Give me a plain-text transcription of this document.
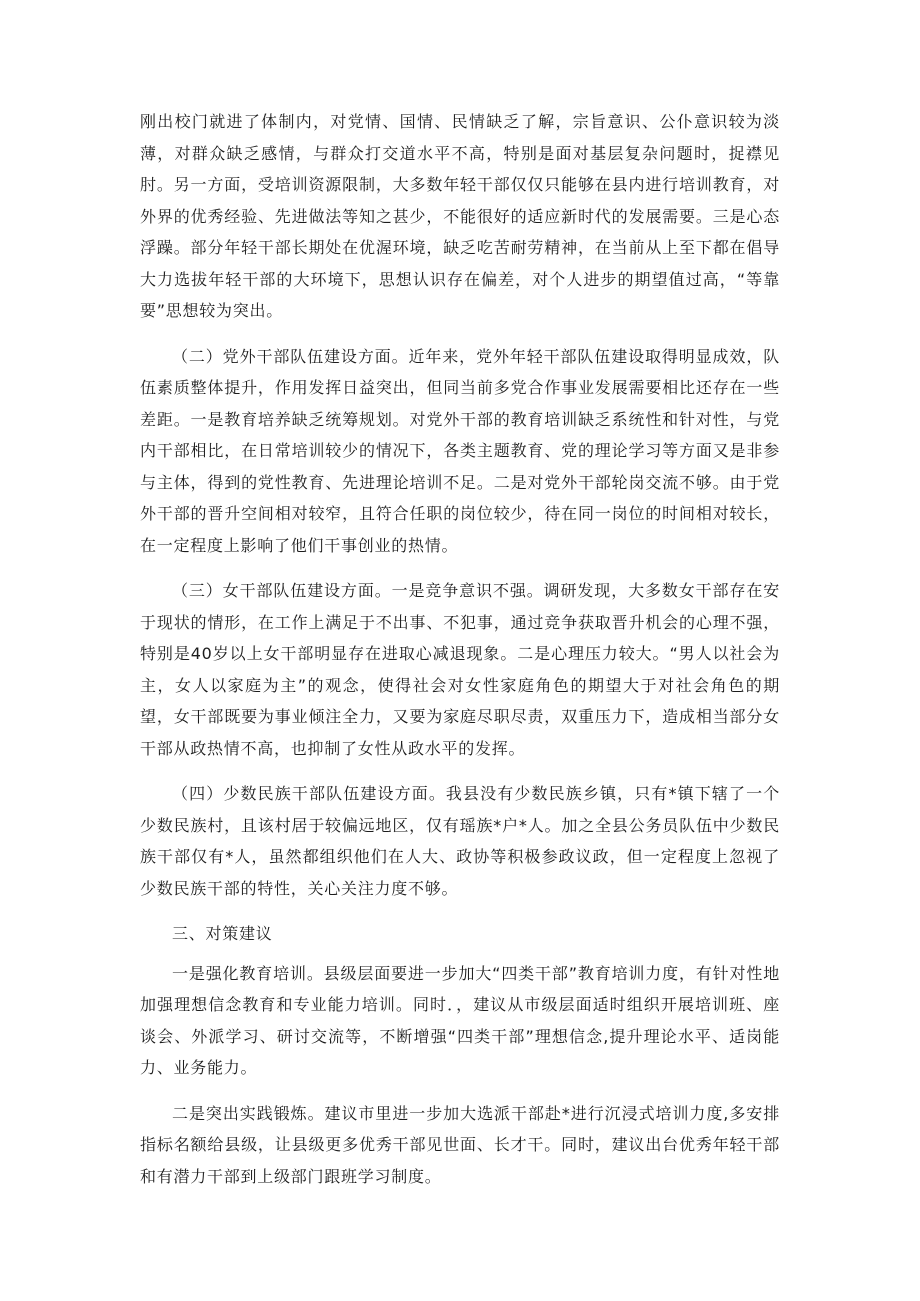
刚出校门就进了体制内，对党情、国情、民情缺乏了解，宗旨意识、公仆意识较为淡薄，对群众缺乏感情，与群众打交道水平不高，特别是面对基层复杂问题时，捉襟见肘。另一方面，受培训资源限制，大多数年轻干部仅仅只能够在县内进行培训教育，对外界的优秀经验、先进做法等知之甚少，不能很好的适应新时代的发展需要。三是心态浮躁。部分年轻干部长期处在优渥环境，缺乏吃苦耐劳精神，在当前从上至下都在倡导大力选拔年轻干部的大环境下，思想认识存在偏差，对个人进步的期望值过高，“等靠要”思想较为突出。

（二）党外干部队伍建设方面。近年来，党外年轻干部队伍建设取得明显成效，队伍素质整体提升，作用发挥日益突出，但同当前多党合作事业发展需要相比还存在一些差距。一是教育培养缺乏统筹规划。对党外干部的教育培训缺乏系统性和针对性，与党内干部相比，在日常培训较少的情况下，各类主题教育、党的理论学习等方面又是非参与主体，得到的党性教育、先进理论培训不足。二是对党外干部轮岗交流不够。由于党外干部的晋升空间相对较窄，且符合任职的岗位较少，待在同一岗位的时间相对较长，在一定程度上影响了他们干事创业的热情。

（三）女干部队伍建设方面。一是竞争意识不强。调研发现，大多数女干部存在安于现状的情形，在工作上满足于不出事、不犯事，通过竞争获取晋升机会的心理不强，特别是40岁以上女干部明显存在进取心减退现象。二是心理压力较大。“男人以社会为主，女人以家庭为主”的观念，使得社会对女性家庭角色的期望大于对社会角色的期望，女干部既要为事业倾注全力，又要为家庭尽职尽责，双重压力下，造成相当部分女干部从政热情不高，也抑制了女性从政水平的发挥。

（四）少数民族干部队伍建设方面。我县没有少数民族乡镇，只有*镇下辖了一个少数民族村，且该村居于较偏远地区，仅有瑶族*户*人。加之全县公务员队伍中少数民族干部仅有*人，虽然都组织他们在人大、政协等积极参政议政，但一定程度上忽视了少数民族干部的特性，关心关注力度不够。

三、对策建议

一是强化教育培训。县级层面要进一步加大“四类干部”教育培训力度，有针对性地加强理想信念教育和专业能力培训。同时．，建议从市级层面适时组织开展培训班、座谈会、外派学习、研讨交流等，不断增强“四类干部”理想信念,提升理论水平、适岗能力、业务能力。

二是突出实践锻炼。建议市里进一步加大选派干部赴*进行沉浸式培训力度,多安排指标名额给县级，让县级更多优秀干部见世面、长才干。同时，建议出台优秀年轻干部和有潜力干部到上级部门跟班学习制度。
